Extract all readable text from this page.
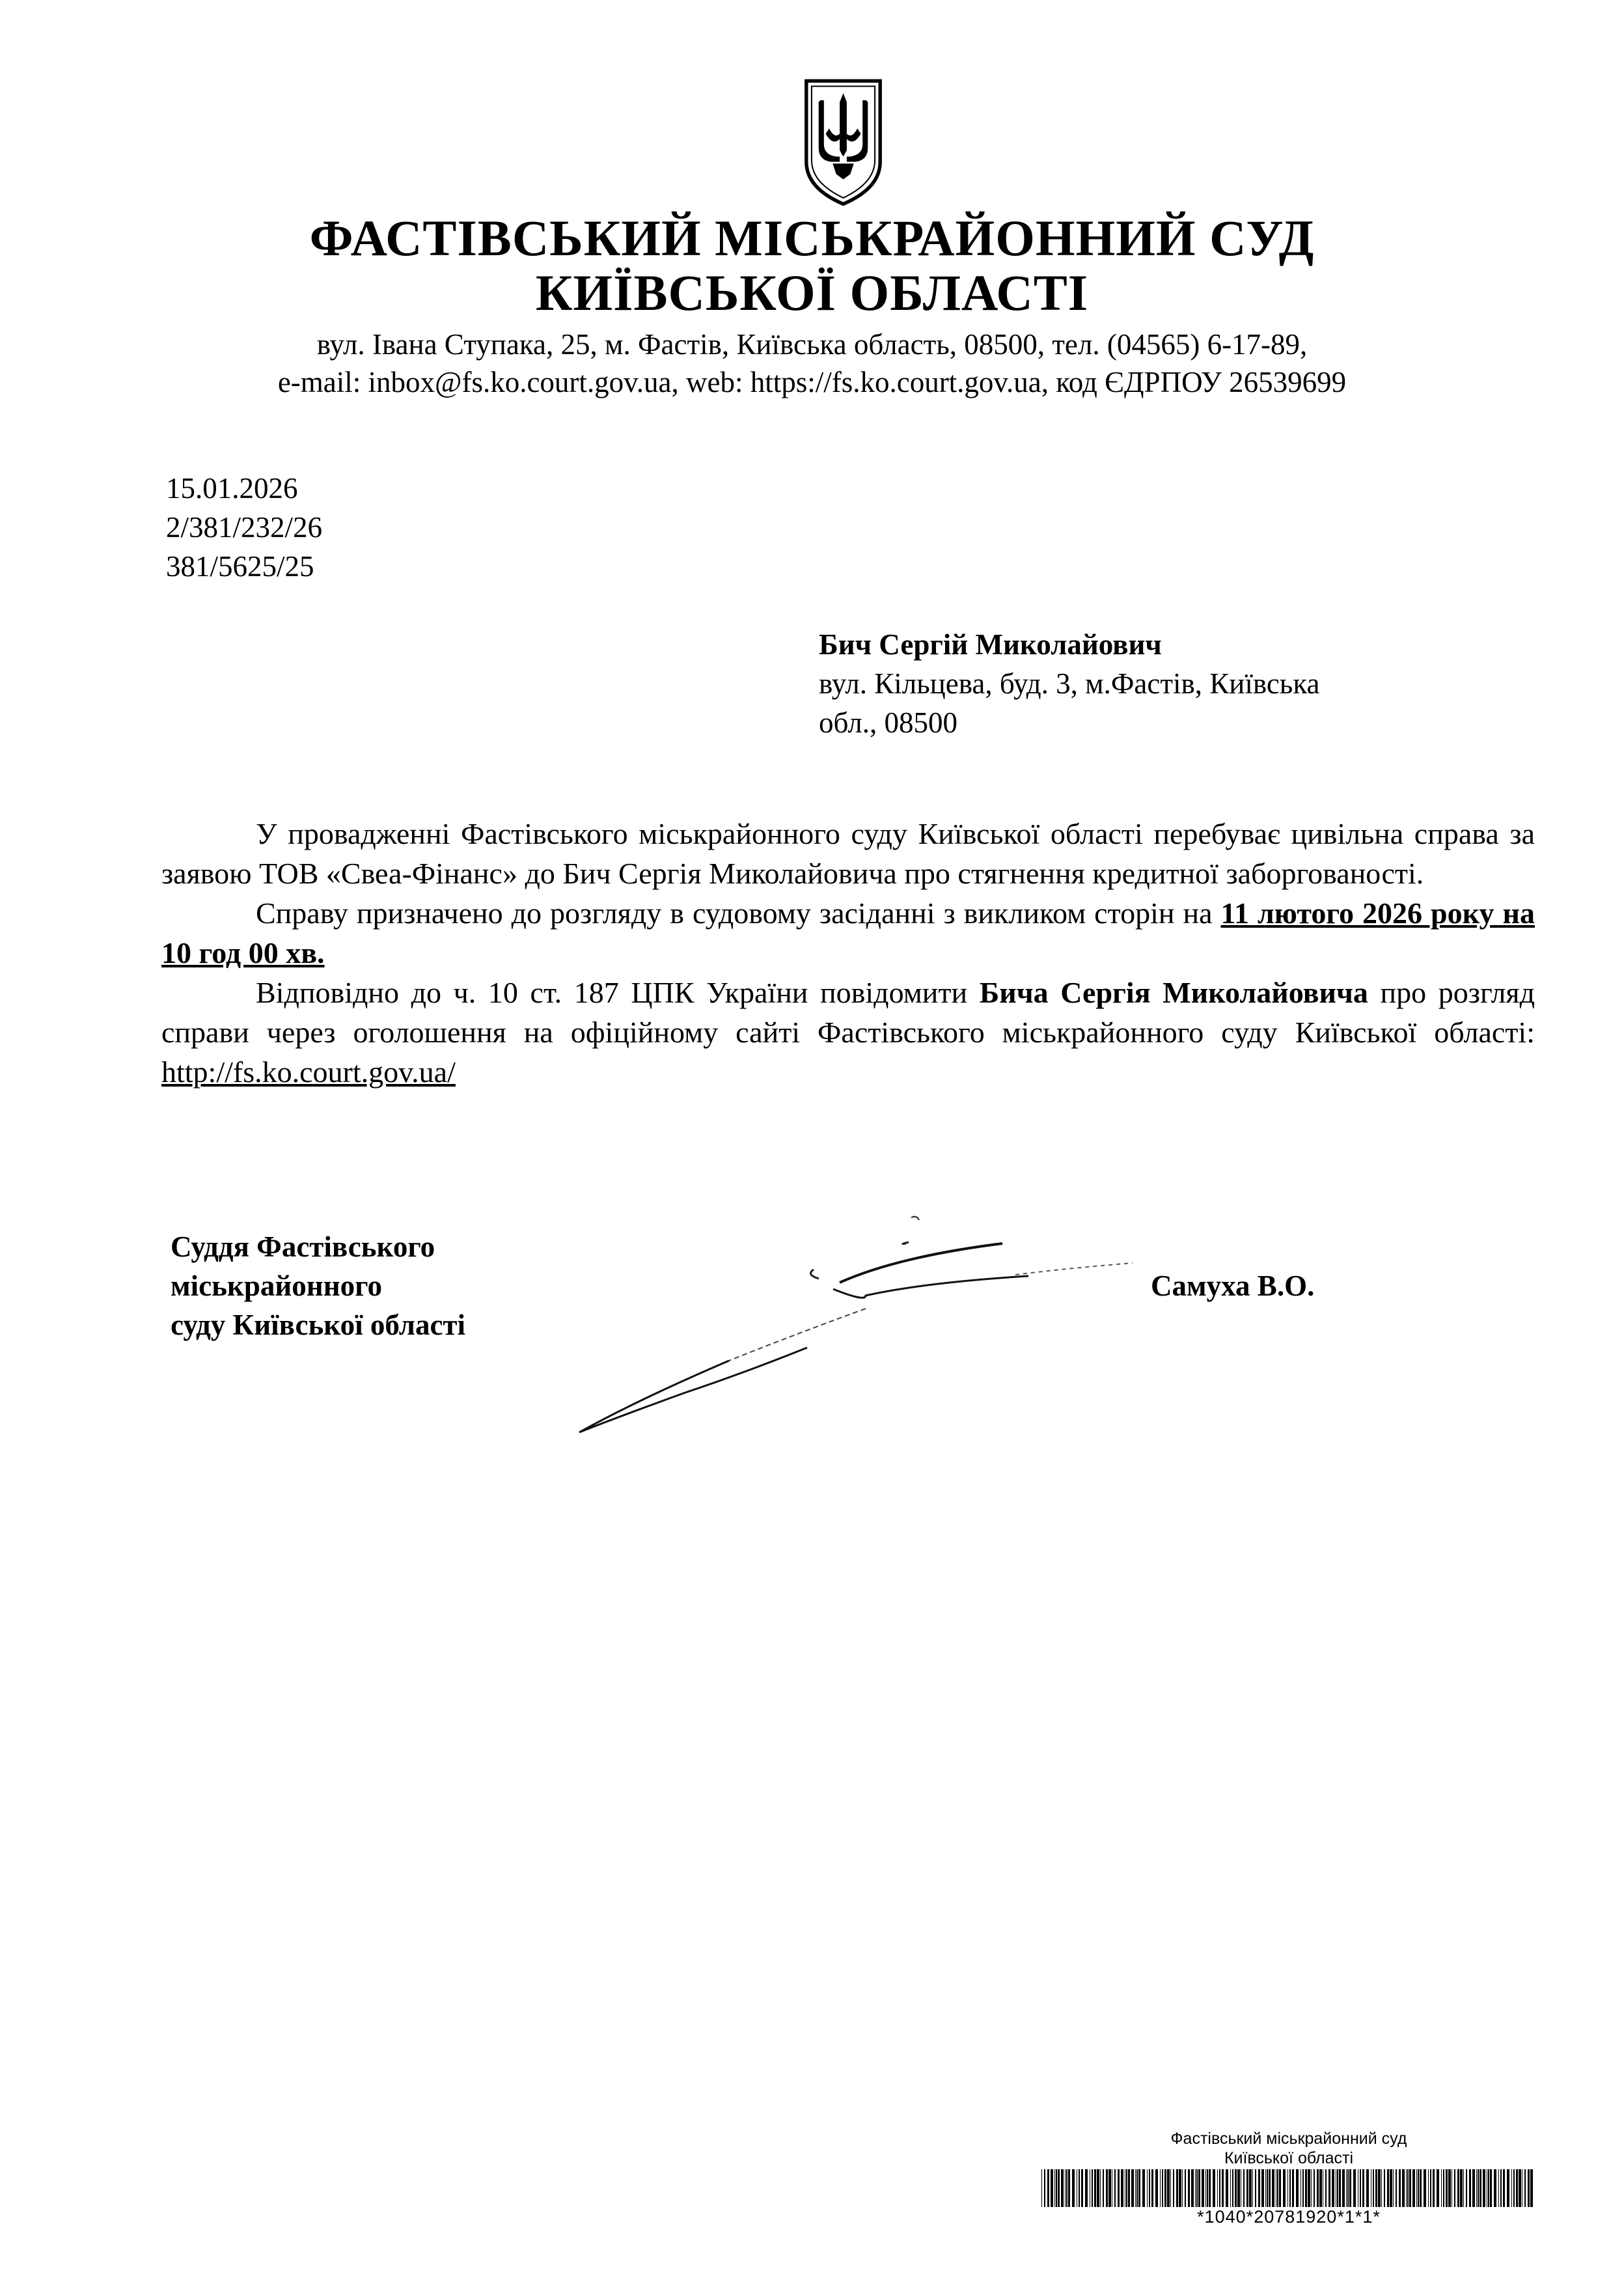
ФАСТІВСЬКИЙ МІСЬКРАЙОННИЙ СУД
КИЇВСЬКОЇ ОБЛАСТІ
вул. Івана Ступака, 25, м. Фастів, Київська область, 08500, тел. (04565) 6-17-89,
e-mail: inbox@fs.ko.court.gov.ua, web: https://fs.ko.court.gov.ua, код ЄДРПОУ 26539699
15.01.2026
2/381/232/26
381/5625/25
Бич Сергій Миколайович
вул. Кільцева, буд. 3, м.Фастів, Київська
обл., 08500

У провадженні Фастівського міськрайонного суду Київської області перебуває цивільна справа за заявою ТОВ «Свеа-Фінанс» до Бич Сергія Миколайовича про стягнення кредитної заборгованості.

Справу призначено до розгляду в судовому засіданні з викликом сторін на 11 лютого 2026 року на 10 год 00 хв.

Відповідно до ч. 10 ст. 187 ЦПК України повідомити Бича Сергія Миколайовича про розгляд справи через оголошення на офіційному сайті Фастівського міськрайонного суду Київської області: http://fs.ko.court.gov.ua/

Суддя Фастівського
міськрайонного
суду Київської області
Самуха В.О.
Фастівський міськрайонний суд
Київської області
*1040*20781920*1*1*
